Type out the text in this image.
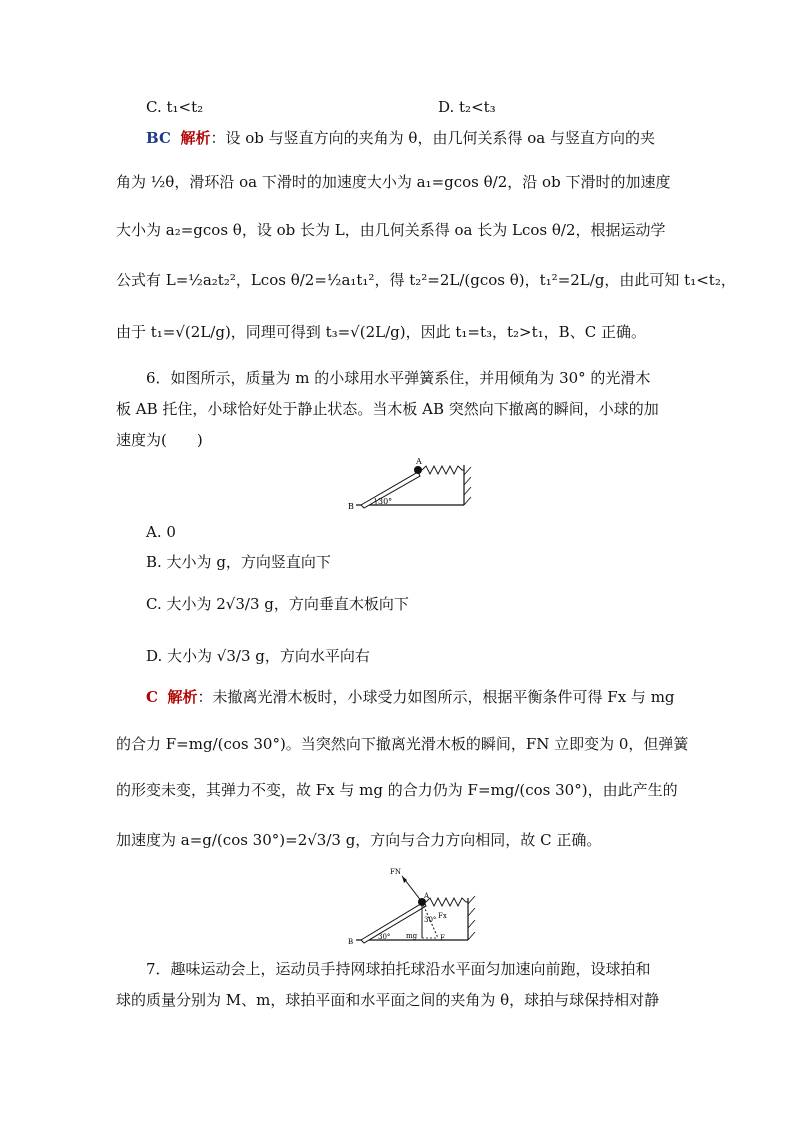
C. t₁<t₂	D. t₂<t₃
BC 解析：设 ob 与竖直方向的夹角为 θ，由几何关系得 oa 与竖直方向的夹
角为 ½θ，滑环沿 oa 下滑时的加速度大小为 a₁=gcos θ/2，沿 ob 下滑时的加速度
大小为 a₂=gcos θ，设 ob 长为 L，由几何关系得 oa 长为 Lcos θ/2，根据运动学
公式有 L=½a₂t₂²，Lcos θ/2=½a₁t₁²，得 t₂²=2L/(gcos θ)，t₁²=2L/g，由此可知 t₁<t₂，
由于 t₁=√(2L/g)，同理可得到 t₃=√(2L/g)，因此 t₁=t₃，t₂>t₁，B、C 正确。
6．如图所示，质量为 m 的小球用水平弹簧系住，并用倾角为 30° 的光滑木
板 AB 托住，小球恰好处于静止状态。当木板 AB 突然向下撤离的瞬间，小球的加
速度为(　　)
A
B
30°
A. 0
B. 大小为 g，方向竖直向下
C. 大小为 2√3/3 g，方向垂直木板向下
D. 大小为 √3/3 g，方向水平向右
C 解析：未撤离光滑木板时，小球受力如图所示，根据平衡条件可得 Fx 与 mg
的合力 F=mg/(cos 30°)。当突然向下撤离光滑木板的瞬间，FN 立即变为 0，但弹簧
的形变未变，其弹力不变，故 Fx 与 mg 的合力仍为 F=mg/(cos 30°)，由此产生的
加速度为 a=g/(cos 30°)=2√3/3 g，方向与合力方向相同，故 C 正确。
FN
A
Fx
30°
mg	F
B
30°
7．趣味运动会上，运动员手持网球拍托球沿水平面匀加速向前跑，设球拍和
球的质量分别为 M、m，球拍平面和水平面之间的夹角为 θ，球拍与球保持相对静
